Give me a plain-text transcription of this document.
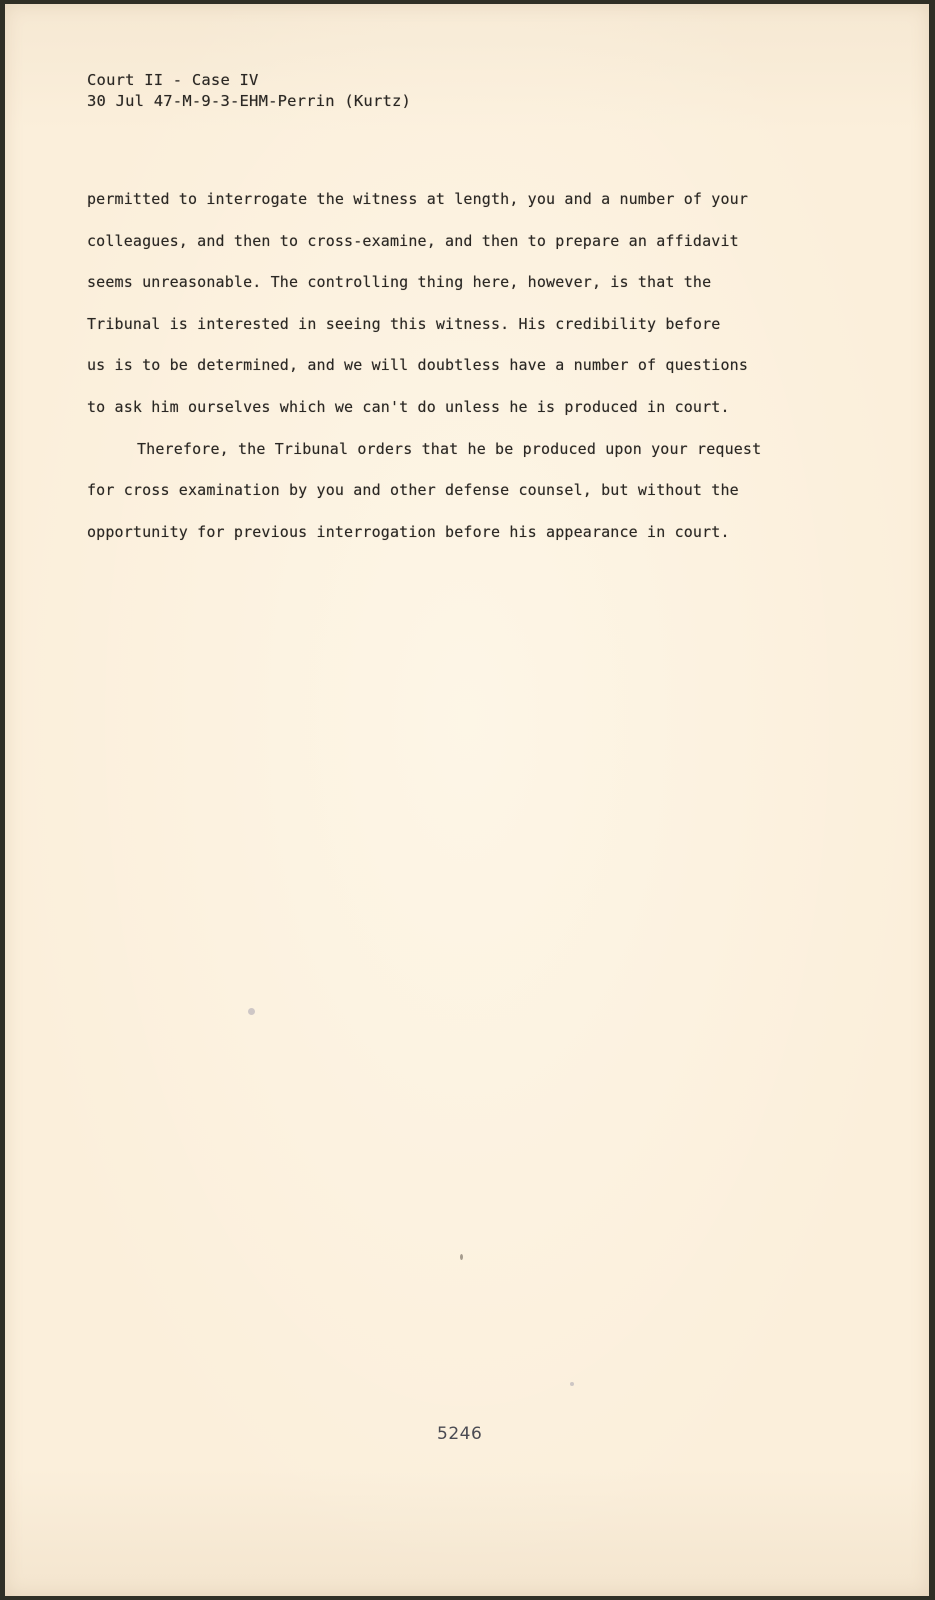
Court II - Case IV
30 Jul 47-M-9-3-EHM-Perrin (Kurtz)
permitted to interrogate the witness at length, you and a number of your
colleagues, and then to cross-examine, and then to prepare an affidavit
seems unreasonable. The controlling thing here, however, is that the
Tribunal is interested in seeing this witness. His credibility before
us is to be determined, and we will doubtless have a number of questions
to ask him ourselves which we can't do unless he is produced in court.
Therefore, the Tribunal orders that he be produced upon your request
for cross examination by you and other defense counsel, but without the
opportunity for previous interrogation before his appearance in court.
5246
